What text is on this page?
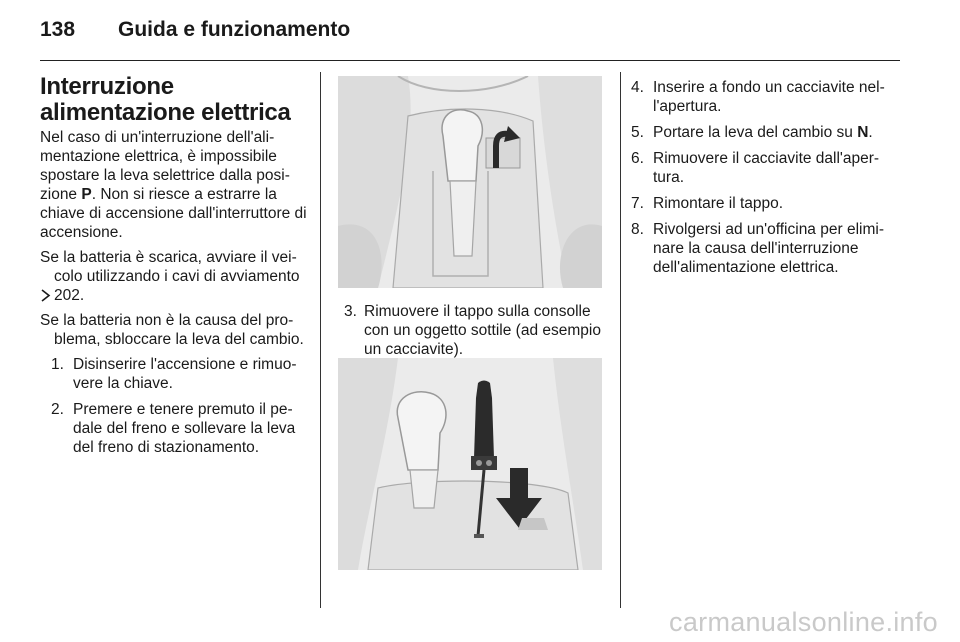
138 Guida e funzionamento
Interruzione alimentazione elettrica

Nel caso di un'interruzione dell'alimentazione elettrica, è impossibile spostare la leva selettrice dalla posizione P. Non si riesce a estrarre la chiave di accensione dall'interruttore di accensione.

Se la batteria è scarica, avviare il veicolo utilizzando i cavi di avviamento

202.

Se la batteria non è la causa del problema, sbloccare la leva del cambio.

1. Disinserire l'accensione e rimuovere la chiave.
2. Premere e tenere premuto il pedale del freno e sollevare la leva del freno di stazionamento.
3. Rimuovere il tappo sulla consolle con un oggetto sottile (ad esempio un cacciavite).
4. Inserire a fondo un cacciavite nell'apertura.
5. Portare la leva del cambio su N.
6. Rimuovere il cacciavite dall'apertura.
7. Rimontare il tappo.
8. Rivolgersi ad un'officina per eliminare la causa dell'interruzione dell'alimentazione elettrica.
carmanualsonline.info
